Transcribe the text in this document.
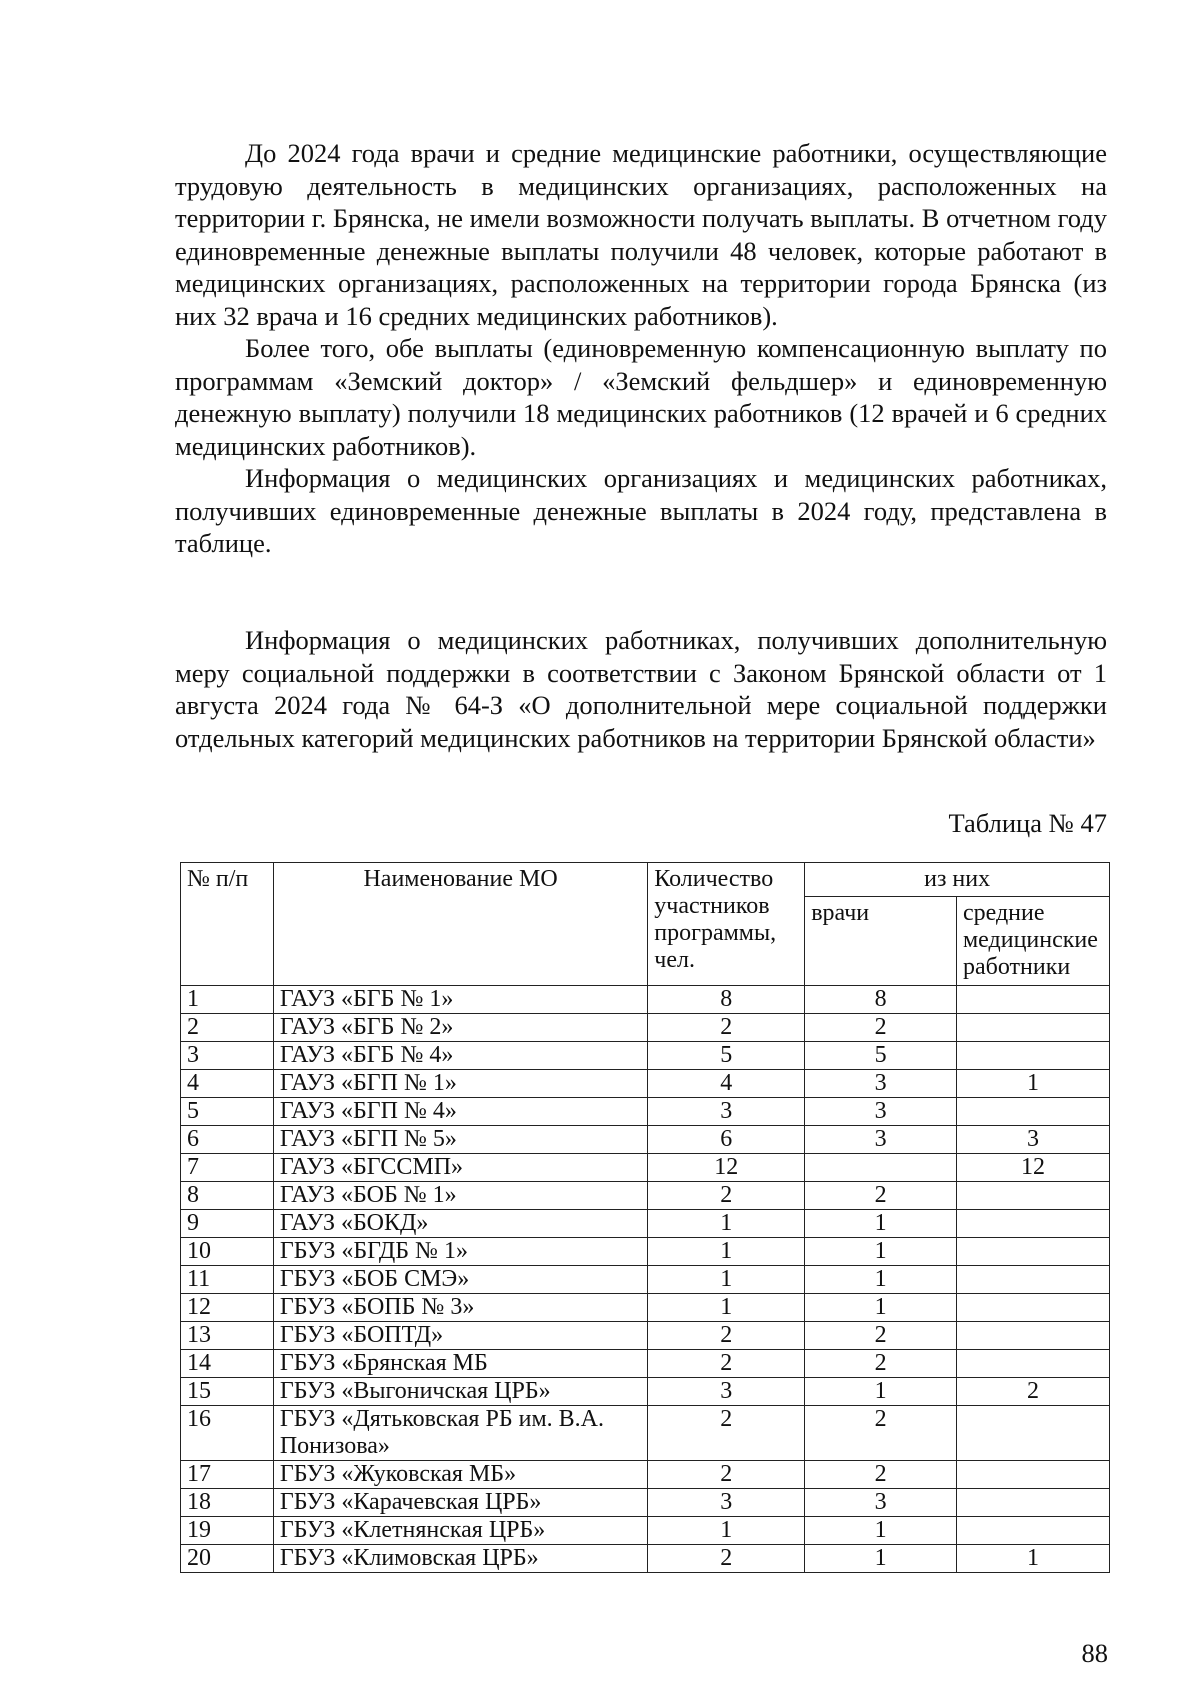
До 2024 года врачи и средние медицинские работники, осуществляющие трудовую деятельность в медицинских организациях, расположенных на территории г. Брянска, не имели возможности получать выплаты. В отчетном году единовременные денежные выплаты получили 48 человек, которые работают в медицинских организациях, расположенных на территории города Брянска (из них 32 врача и 16 средних медицинских работников).

Более того, обе выплаты (единовременную компенсационную выплату по программам «Земский доктор» / «Земский фельдшер» и единовременную денежную выплату) получили 18 медицинских работников (12 врачей и 6 средних медицинских работников).

Информация о медицинских организациях и медицинских работниках, получивших единовременные денежные выплаты в 2024 году, представлена в таблице.

Информация о медицинских работниках, получивших дополнительную меру социальной поддержки в соответствии с Законом Брянской области от 1 августа 2024 года № 64-З «О дополнительной мере социальной поддержки отдельных категорий медицинских работников на территории Брянской области»

Таблица № 47
№ п/п	Наименование МО	Количество участников программы, чел.	из них	
			врачи	средние медицинские работники
1	ГАУЗ «БГБ № 1»	8	8	
2	ГАУЗ «БГБ № 2»	2	2	
3	ГАУЗ «БГБ № 4»	5	5	
4	ГАУЗ «БГП № 1»	4	3	1
5	ГАУЗ «БГП № 4»	3	3	
6	ГАУЗ «БГП № 5»	6	3	3
7	ГАУЗ «БГССМП»	12		12
8	ГАУЗ «БОБ № 1»	2	2	
9	ГАУЗ «БОКД»	1	1	
10	ГБУЗ «БГДБ № 1»	1	1	
11	ГБУЗ «БОБ СМЭ»	1	1	
12	ГБУЗ «БОПБ № 3»	1	1	
13	ГБУЗ «БОПТД»	2	2	
14	ГБУЗ «Брянская МБ	2	2	
15	ГБУЗ «Выгоничская ЦРБ»	3	1	2
16	ГБУЗ «Дятьковская РБ им. В.А. Понизова»	2	2	
17	ГБУЗ «Жуковская МБ»	2	2	
18	ГБУЗ «Карачевская ЦРБ»	3	3	
19	ГБУЗ «Клетнянская ЦРБ»	1	1	
20	ГБУЗ «Климовская ЦРБ»	2	1	1
88
